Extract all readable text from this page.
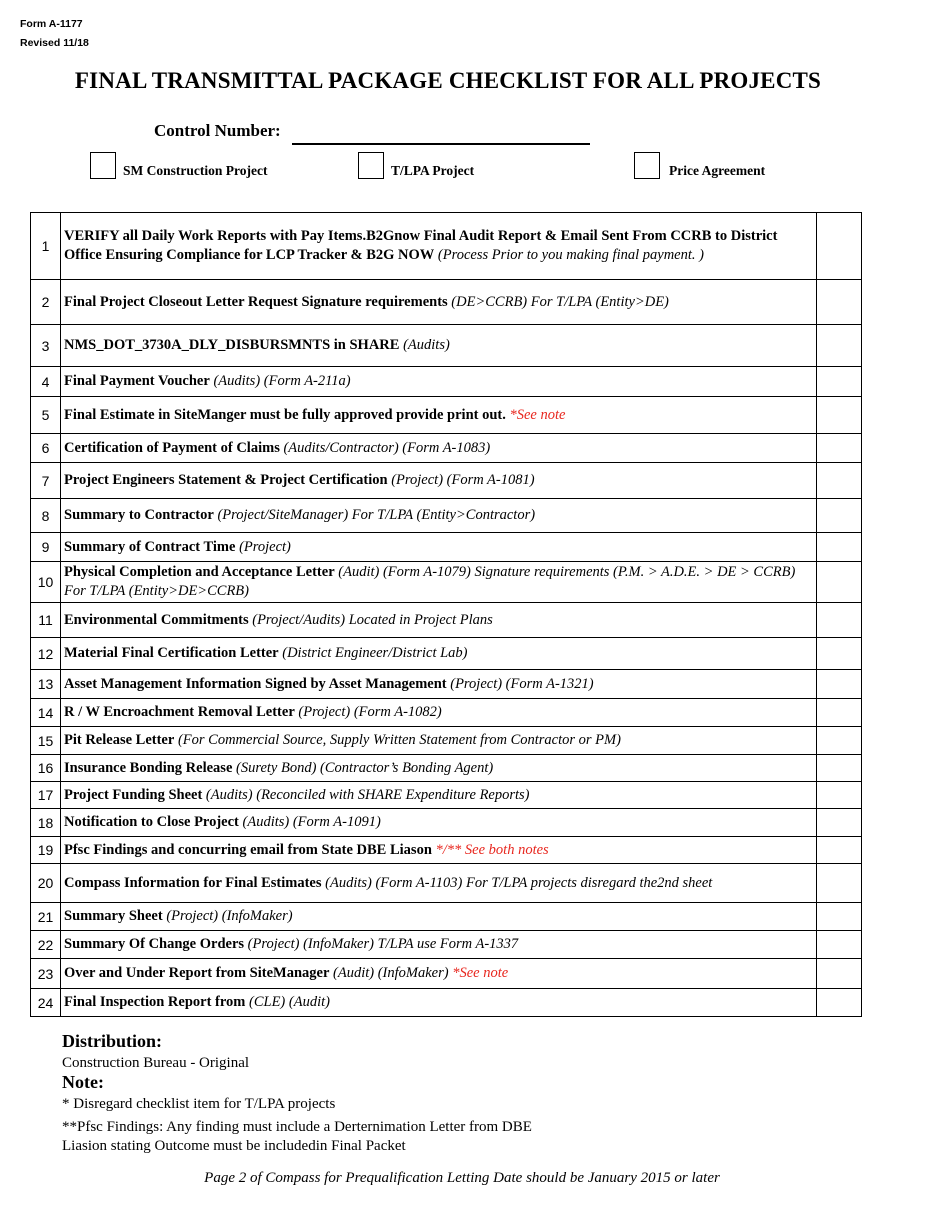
Form A-1177
Revised 11/18
FINAL TRANSMITTAL PACKAGE CHECKLIST FOR ALL PROJECTS
Control Number:
SM Construction Project	T/LPA Project	Price Agreement
1	VERIFY all Daily Work Reports with Pay Items.B2Gnow Final Audit Report & Email Sent From CCRB to District Office Ensuring Compliance for LCP Tracker & B2G NOW (Process Prior to you making final payment. )	
2	Final Project Closeout Letter Request Signature requirements (DE>CCRB) For T/LPA (Entity>DE)	
3	NMS_DOT_3730A_DLY_DISBURSMNTS in SHARE (Audits)	
4	Final Payment Voucher (Audits) (Form A-211a)	
5	Final Estimate in SiteManger must be fully approved provide print out. *See note	
6	Certification of Payment of Claims (Audits/Contractor) (Form A-1083)	
7	Project Engineers Statement & Project Certification (Project) (Form A-1081)	
8	Summary to Contractor (Project/SiteManager) For T/LPA (Entity>Contractor)	
9	Summary of Contract Time (Project)	
10	Physical Completion and Acceptance Letter (Audit) (Form A-1079) Signature requirements (P.M. > A.D.E. > DE > CCRB) For T/LPA (Entity>DE>CCRB)	
11	Environmental Commitments (Project/Audits) Located in Project Plans	
12	Material Final Certification Letter (District Engineer/District Lab)	
13	Asset Management Information Signed by Asset Management (Project) (Form A-1321)	
14	R / W Encroachment Removal Letter (Project) (Form A-1082)	
15	Pit Release Letter (For Commercial Source, Supply Written Statement from Contractor or PM)	
16	Insurance Bonding Release (Surety Bond) (Contractor’s Bonding Agent)	
17	Project Funding Sheet (Audits) (Reconciled with SHARE Expenditure Reports)	
18	Notification to Close Project (Audits) (Form A-1091)	
19	Pfsc Findings and concurring email from State DBE Liason */** See both notes	
20	Compass Information for Final Estimates (Audits) (Form A-1103) For T/LPA projects disregard the2nd sheet	
21	Summary Sheet (Project) (InfoMaker)	
22	Summary Of Change Orders (Project) (InfoMaker) T/LPA use Form A-1337	
23	Over and Under Report from SiteManager (Audit) (InfoMaker) *See note	
24	Final Inspection Report from (CLE) (Audit)	
Distribution:
Construction Bureau - Original
Note:
* Disregard checklist item for T/LPA projects
**Pfsc Findings: Any finding must include a Derternimation Letter from DBE
Liasion stating Outcome must be includedin Final Packet
Page 2 of Compass for Prequalification Letting Date should be January 2015 or later
